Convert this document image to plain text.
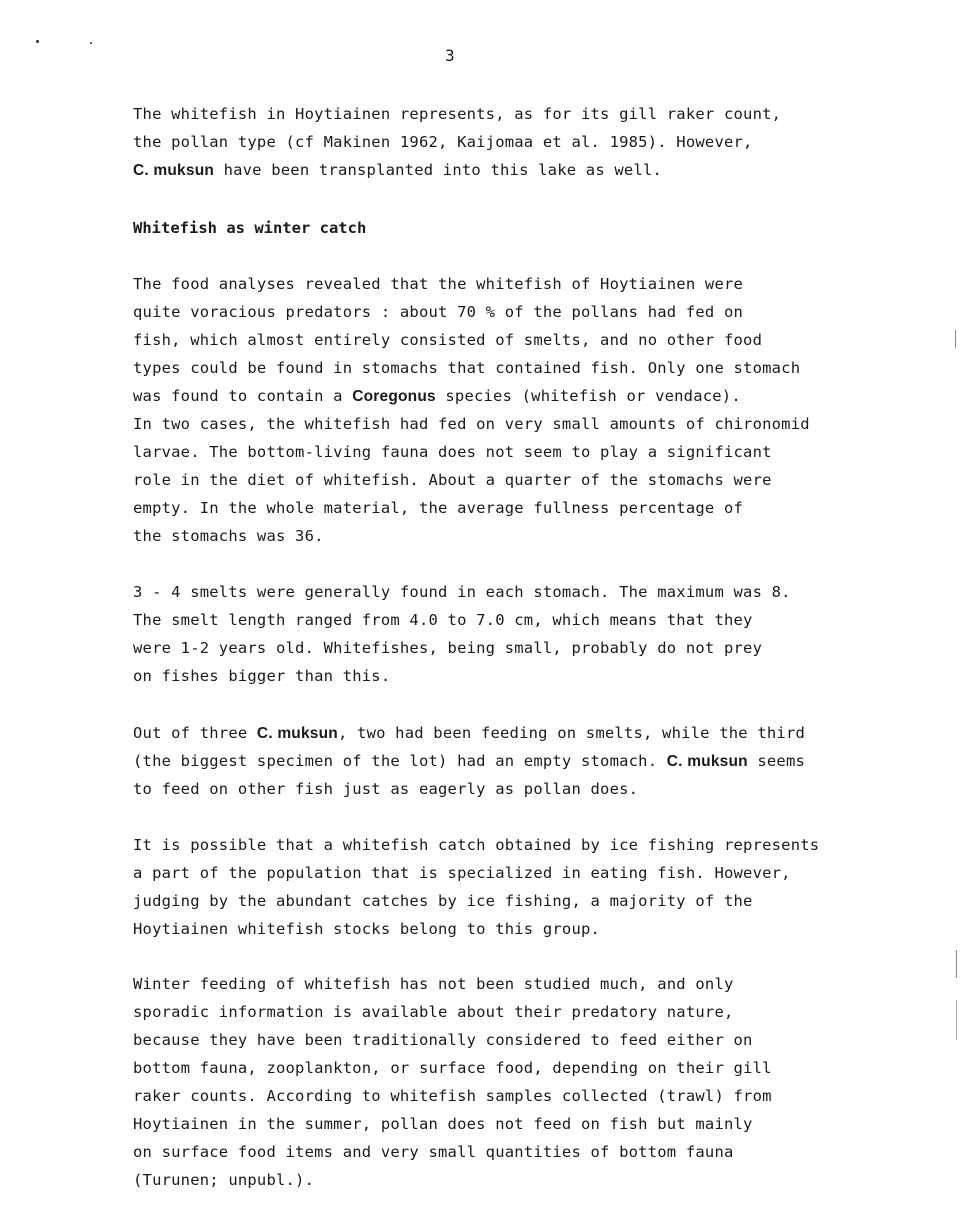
3
The whitefish in Hoytiainen represents, as for its gill raker count,
the pollan type (cf Makinen 1962, Kaijomaa et al. 1985). However,
C. muksun have been transplanted into this lake as well.
Whitefish as winter catch
The food analyses revealed that the whitefish of Hoytiainen were
quite voracious predators : about 70 % of the pollans had fed on
fish, which almost entirely consisted of smelts, and no other food
types could be found in stomachs that contained fish. Only one stomach
was found to contain a Coregonus species (whitefish or vendace).
In two cases, the whitefish had fed on very small amounts of chironomid
larvae. The bottom-living fauna does not seem to play a significant
role in the diet of whitefish. About a quarter of the stomachs were
empty. In the whole material, the average fullness percentage of
the stomachs was 36.
3 - 4 smelts were generally found in each stomach. The maximum was 8.
The smelt length ranged from 4.0 to 7.0 cm, which means that they
were 1-2 years old. Whitefishes, being small, probably do not prey
on fishes bigger than this.
Out of three C. muksun, two had been feeding on smelts, while the third
(the biggest specimen of the lot) had an empty stomach. C. muksun seems
to feed on other fish just as eagerly as pollan does.
It is possible that a whitefish catch obtained by ice fishing represents
a part of the population that is specialized in eating fish. However,
judging by the abundant catches by ice fishing, a majority of the
Hoytiainen whitefish stocks belong to this group.
Winter feeding of whitefish has not been studied much, and only
sporadic information is available about their predatory nature,
because they have been traditionally considered to feed either on
bottom fauna, zooplankton, or surface food, depending on their gill
raker counts. According to whitefish samples collected (trawl) from
Hoytiainen in the summer, pollan does not feed on fish but mainly
on surface food items and very small quantities of bottom fauna
(Turunen; unpubl.).
